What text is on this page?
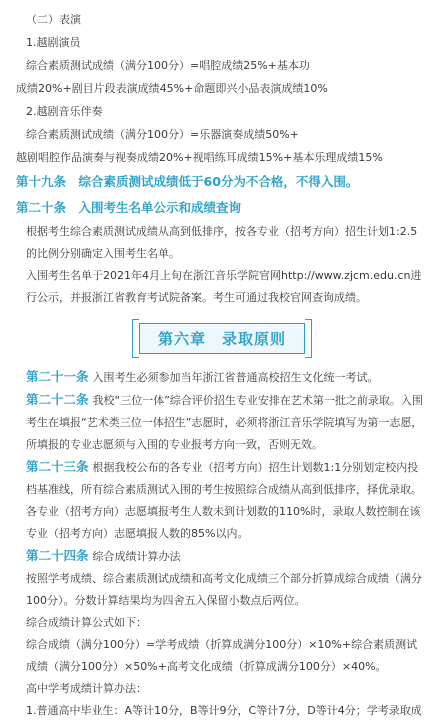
（二）表演
1.越剧演员
综合素质测试成绩（满分100分）=唱腔成绩25%+基本功
成绩20%+剧目片段表演成绩45%+命题即兴小品表演成绩10%
2.越剧音乐伴奏
综合素质测试成绩（满分100分）=乐器演奏成绩50%+
越剧唱腔作品演奏与视奏成绩20%+视唱练耳成绩15%+基本乐理成绩15%
第十九条　综合素质测试成绩低于60分为不合格，不得入围。
第二十条　入围考生名单公示和成绩查询
根据考生综合素质测试成绩从高到低排序，按各专业（招考方向）招生计划1:2.5的比例分别确定入围考生名单。
入围考生名单于2021年4月上旬在浙江音乐学院官网http://www.zjcm.edu.cn进行公示，并报浙江省教育考试院备案。考生可通过我校官网查询成绩。
第六章　录取原则
第二十一条 入围考生必须参加当年浙江省普通高校招生文化统一考试。
第二十二条 我校“三位一体”综合评价招生专业安排在艺术第一批之前录取。入围考生在填报“艺术类三位一体招生”志愿时，必须将浙江音乐学院填写为第一志愿，所填报的专业志愿须与入围的专业报考方向一致，否则无效。
第二十三条 根据我校公布的各专业（招考方向）招生计划数1:1分别划定校内投档基准线，所有综合素质测试入围的考生按照综合成绩从高到低排序，择优录取。各专业（招考方向）志愿填报考生人数未到计划数的110%时，录取人数控制在该专业（招考方向）志愿填报人数的85%以内。
第二十四条 综合成绩计算办法
按照学考成绩、综合素质测试成绩和高考文化成绩三个部分折算成综合成绩（满分100分）。分数计算结果均为四舍五入保留小数点后两位。
综合成绩计算公式如下：
综合成绩（满分100分）=学考成绩（折算成满分100分）×10%+综合素质测试成绩（满分100分）×50%+高考文化成绩（折算成满分100分）×40%。
高中学考成绩计算办法：
1.普通高中毕业生：A等计10分，B等计9分，C等计7分，D等计4分；学考录取成
